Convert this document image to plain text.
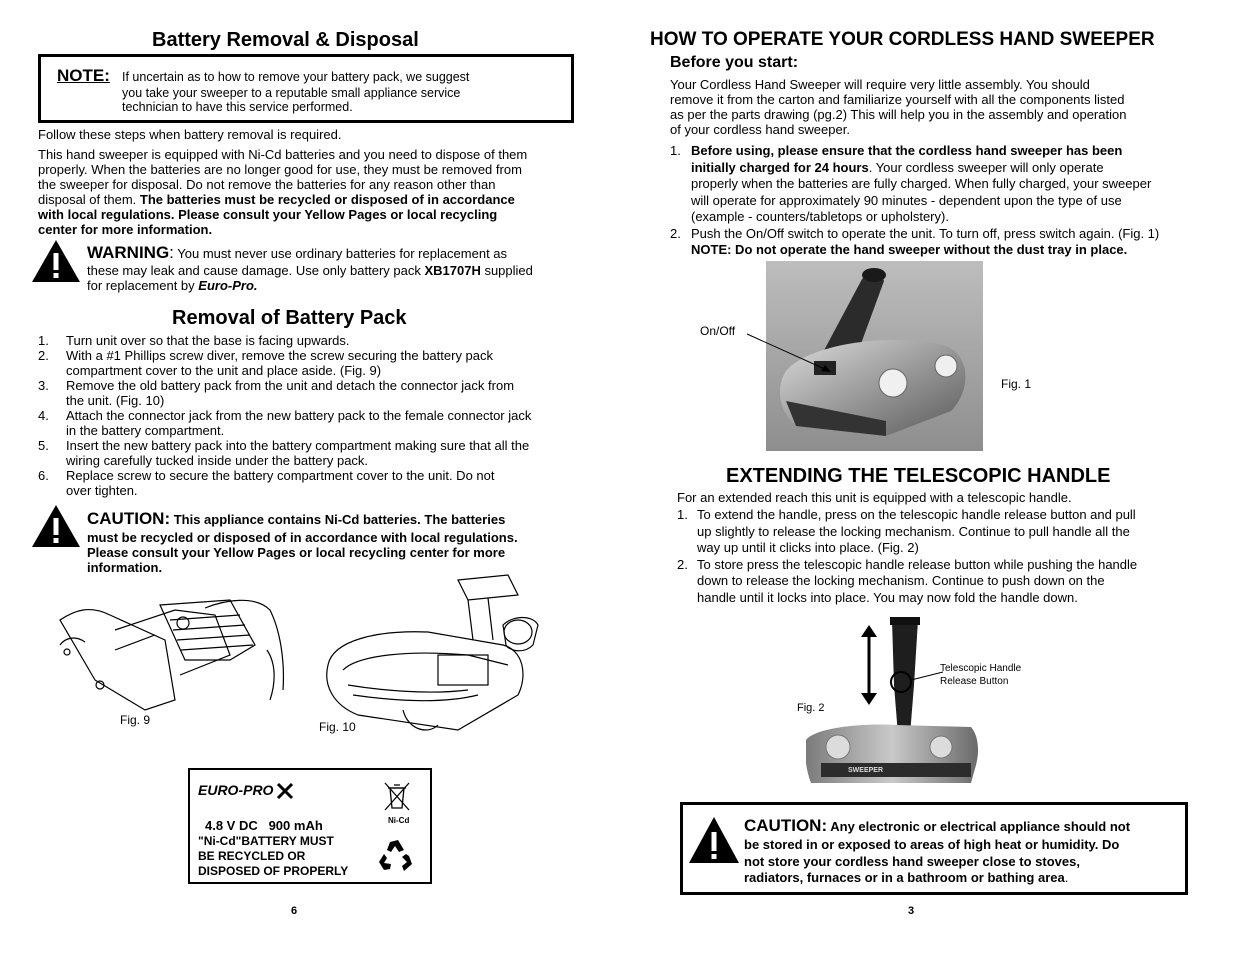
Battery Removal & Disposal
NOTE: If uncertain as to how to remove your battery pack, we suggest
you take your sweeper to a reputable small appliance service
technician to have this service performed.
Follow these steps when battery removal is required.
This hand sweeper is equipped with Ni-Cd batteries and you need to dispose of them
properly. When the batteries are no longer good for use, they must be removed from
the sweeper for disposal. Do not remove the batteries for any reason other than
disposal of them. The batteries must be recycled or disposed of in accordance
with local regulations. Please consult your Yellow Pages or local recycling
center for more information.
WARNING: You must never use ordinary batteries for replacement as
these may leak and cause damage. Use only battery pack XB1707H supplied
for replacement by Euro-Pro.
Removal of Battery Pack
1. Turn unit over so that the base is facing upwards.
2. With a #1 Phillips screw diver, remove the screw securing the battery pack
compartment cover to the unit and place aside. (Fig. 9)
3. Remove the old battery pack from the unit and detach the connector jack from
the unit. (Fig. 10)
4. Attach the connector jack from the new battery pack to the female connector jack
in the battery compartment.
5. Insert the new battery pack into the battery compartment making sure that all the
wiring carefully tucked inside under the battery pack.
6. Replace screw to secure the battery compartment cover to the unit. Do not
over tighten.
CAUTION: This appliance contains Ni-Cd batteries. The batteries
must be recycled or disposed of in accordance with local regulations.
Please consult your Yellow Pages or local recycling center for more
information.
Fig. 9	Fig. 10
EURO-PRO
Ni-Cd
4.8 V DC   900 mAh
"Ni-Cd"BATTERY MUST
BE RECYCLED OR
DISPOSED OF PROPERLY
6
HOW TO OPERATE YOUR CORDLESS HAND SWEEPER
Before you start:
Your Cordless Hand Sweeper will require very little assembly. You should
remove it from the carton and familiarize yourself with all the components listed
as per the parts drawing (pg.2) This will help you in the assembly and operation
of your cordless hand sweeper.
1. Before using, please ensure that the cordless hand sweeper has been
initially charged for 24 hours. Your cordless sweeper will only operate
properly when the batteries are fully charged. When fully charged, your sweeper
will operate for approximately 90 minutes - dependent upon the type of use
(example - counters/tabletops or upholstery).
2. Push the On/Off switch to operate the unit. To turn off, press switch again. (Fig. 1)
NOTE: Do not operate the hand sweeper without the dust tray in place.
On/Off
Fig. 1
EXTENDING THE TELESCOPIC HANDLE
For an extended reach this unit is equipped with a telescopic handle.
1. To extend the handle, press on the telescopic handle release button and pull
up slightly to release the locking mechanism. Continue to pull handle all the
way up until it clicks into place. (Fig. 2)
2. To store press the telescopic handle release button while pushing the handle
down to release the locking mechanism. Continue to push down on the
handle until it locks into place. You may now fold the handle down.
SWEEPER
Telescopic Handle
Release Button
Fig. 2
CAUTION: Any electronic or electrical appliance should not
be stored in or exposed to areas of high heat or humidity. Do
not store your cordless hand sweeper close to stoves,
radiators, furnaces or in a bathroom or bathing area.
3
